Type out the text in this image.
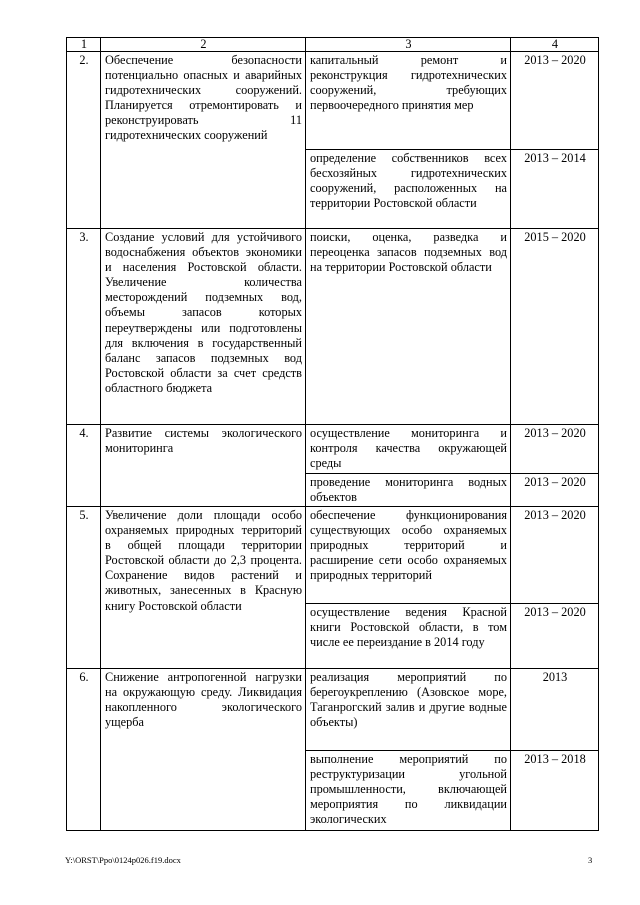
1	2	3	4
2.	Обеспечение безопасности потенциально опасных и аварийных гидротехнических сооружений. Планируется отремонтировать и реконструировать 11 гидротехнических сооружений	капитальный ремонт и реконструкция гидротехнических сооружений, требующих первоочередного принятия мер	2013 – 2020
		определение собственников всех бесхозяйных гидротехнических сооружений, расположенных на территории Ростовской области	2013 – 2014
3.	Создание условий для устойчивого водоснабжения объектов экономики и населения Ростовской области. Увеличение количества месторождений подземных вод, объемы запасов которых переутверждены или подготовлены для включения в государственный баланс запасов подземных вод Ростовской области за счет средств областного бюджета	поиски, оценка, разведка и переоценка запасов подземных вод на территории Ростовской области	2015 – 2020
4.	Развитие системы экологического мониторинга	осуществление мониторинга и контроля качества окружающей среды	2013 – 2020
		проведение мониторинга водных объектов	2013 – 2020
5.	Увеличение доли площади особо охраняемых природных территорий в общей площади территории Ростовской области до 2,3 процента. Сохранение видов растений и животных, занесенных в Красную книгу Ростовской области	обеспечение функционирования существующих особо охраняемых природных территорий и расширение сети особо охраняемых природных территорий	2013 – 2020
		осуществление ведения Красной книги Ростовской области, в том числе ее переиздание в 2014 году	2013 – 2020
6.	Снижение антропогенной нагрузки на окружающую среду. Ликвидация накопленного экологического ущерба	реализация мероприятий по берегоукреплению (Азовское море, Таганрогский залив и другие водные объекты)	2013
		выполнение мероприятий по реструктуризации угольной промышленности, включающей мероприятия по ликвидации экологических	2013 – 2018
Y:\ORST\Ppo\0124p026.f19.docx	3
